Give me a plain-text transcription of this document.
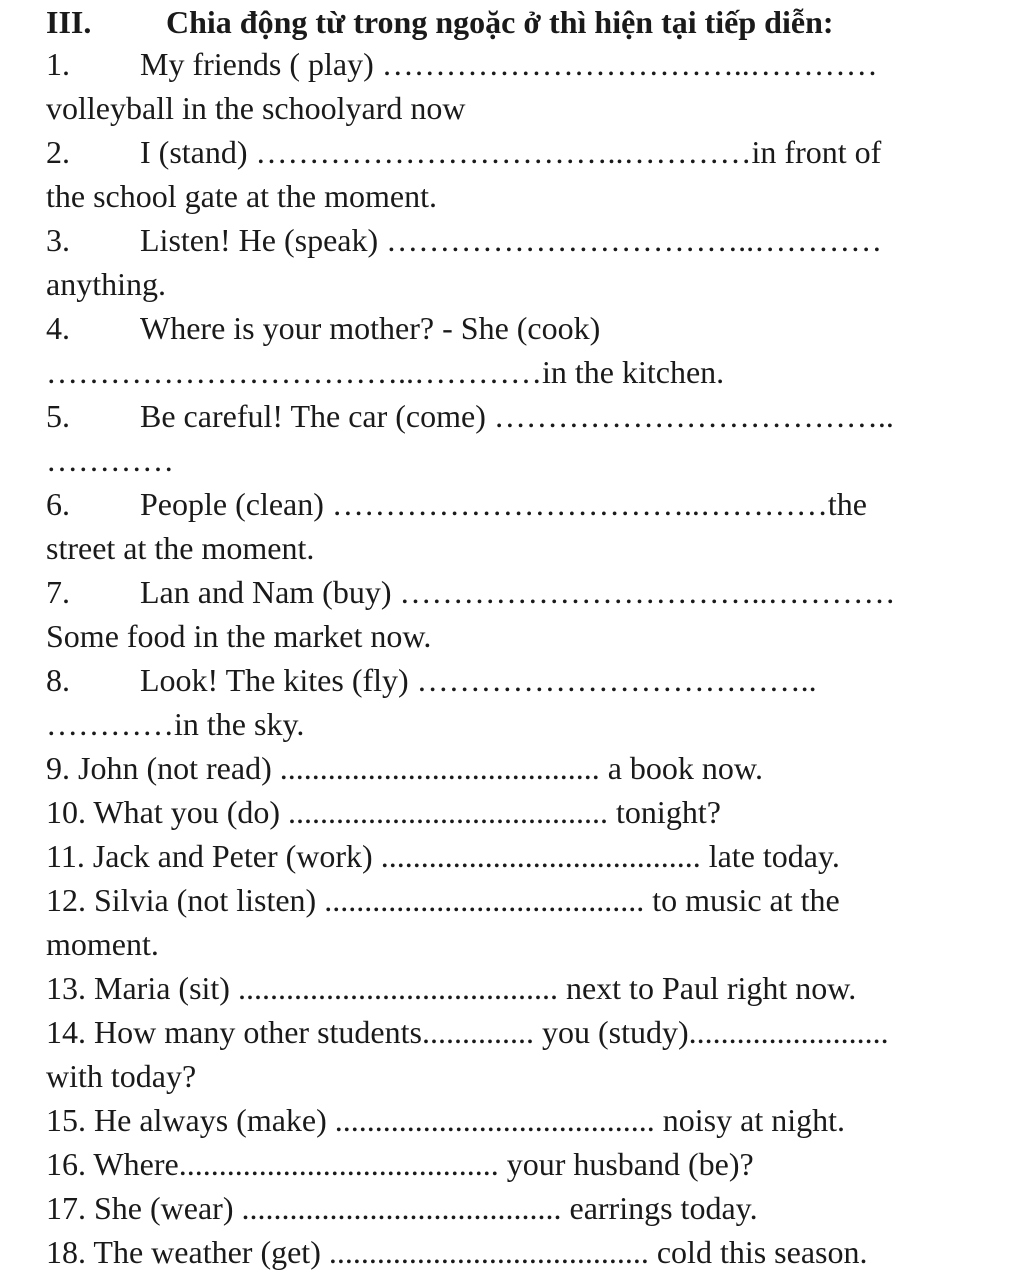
III. Chia động từ trong ngoặc ở thì hiện tại tiếp diễn:
1. My friends ( play) ……………………………..…………
volleyball in the schoolyard now
2. I (stand) ……………………………..…………in front of
the school gate at the moment.
3. Listen! He (speak) ……………………………..…………
anything.
4. Where is your mother? - She (cook)
……………………………..…………in the kitchen.
5. Be careful! The car (come) ………………………………..
…………
6. People (clean) ……………………………..…………the
street at the moment.
7. Lan and Nam (buy) ……………………………..…………
Some food in the market now.
8. Look! The kites (fly) ………………………………..
…………in the sky.
9. John (not read) ........................................ a book now.
10. What you (do) ........................................ tonight?
11. Jack and Peter (work) ........................................ late today.
12. Silvia (not listen) ........................................ to music at the
moment.
13. Maria (sit) ........................................ next to Paul right now.
14. How many other students.............. you (study).........................
with today?
15. He always (make) ........................................ noisy at night.
16. Where........................................ your husband (be)?
17. She (wear) ........................................ earrings today.
18. The weather (get) ........................................ cold this season.
